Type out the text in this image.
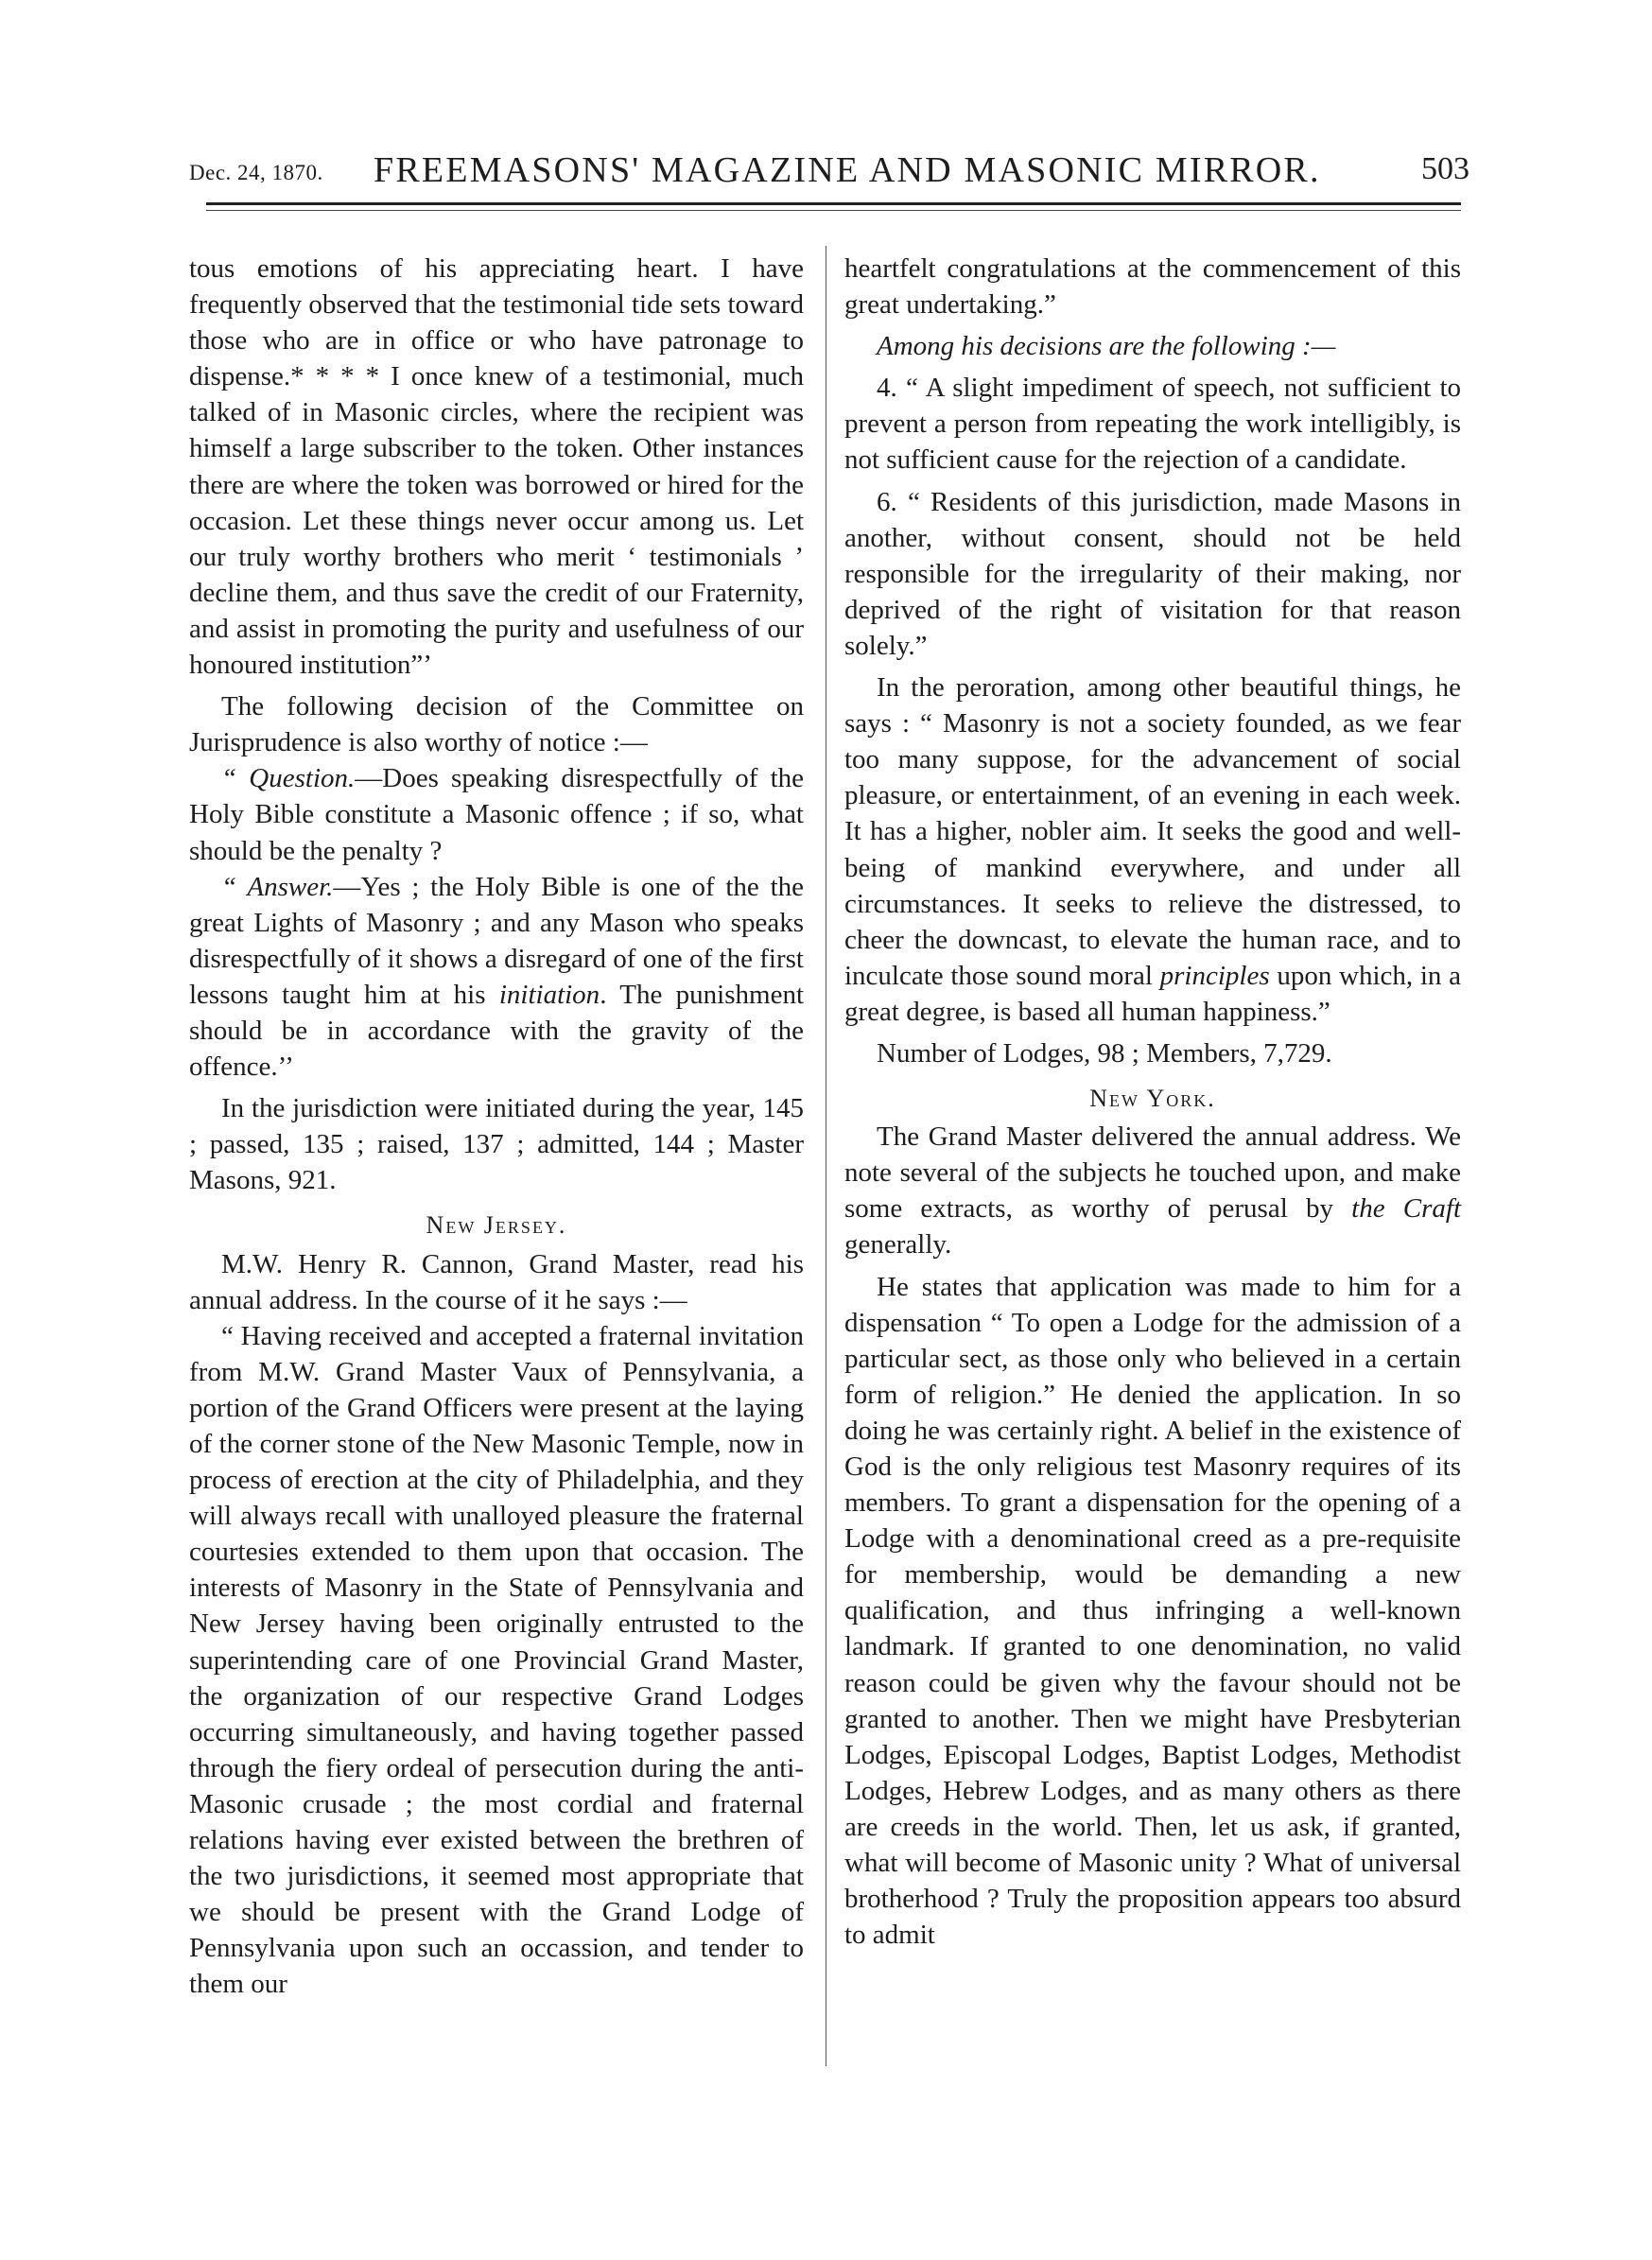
Dec. 24, 1870. FREEMASONS' MAGAZINE AND MASONIC MIRROR.	503

tous emotions of his appreciating heart. I have frequently observed that the testimonial tide sets toward those who are in office or who have patronage to dispense.* * * * I once knew of a testimonial, much talked of in Masonic circles, where the recipient was himself a large subscriber to the token. Other instances there are where the token was borrowed or hired for the occasion. Let these things never occur among us. Let our truly worthy brothers who merit ‘ testimonials ’ decline them, and thus save the credit of our Fraternity, and assist in promoting the purity and usefulness of our honoured institution”’

The following decision of the Committee on Jurisprudence is also worthy of notice :—

“ Question.—Does speaking disrespectfully of the Holy Bible constitute a Masonic offence ; if so, what should be the penalty ?

“ Answer.—Yes ; the Holy Bible is one of the the great Lights of Masonry ; and any Mason who speaks disrespectfully of it shows a disregard of one of the first lessons taught him at his initiation. The punishment should be in accordance with the gravity of the offence.’’

In the jurisdiction were initiated during the year, 145 ; passed, 135 ; raised, 137 ; admitted, 144 ; Master Masons, 921.

New Jersey.

M.W. Henry R. Cannon, Grand Master, read his annual address. In the course of it he says :—

“ Having received and accepted a fraternal invitation from M.W. Grand Master Vaux of Pennsylvania, a portion of the Grand Officers were present at the laying of the corner stone of the New Masonic Temple, now in process of erection at the city of Philadelphia, and they will always recall with unalloyed pleasure the fraternal courtesies extended to them upon that occasion. The interests of Masonry in the State of Pennsylvania and New Jersey having been originally entrusted to the superintending care of one Provincial Grand Master, the organization of our respective Grand Lodges occurring simultaneously, and having together passed through the fiery ordeal of persecution during the anti-Masonic crusade ; the most cordial and fraternal relations having ever existed between the brethren of the two jurisdictions, it seemed most appropriate that we should be present with the Grand Lodge of Pennsylvania upon such an occassion, and tender to them our

heartfelt congratulations at the commencement of this great undertaking.”

Among his decisions are the following :—

4. “ A slight impediment of speech, not sufficient to prevent a person from repeating the work intelligibly, is not sufficient cause for the rejection of a candidate.

6. “ Residents of this jurisdiction, made Masons in another, without consent, should not be held responsible for the irregularity of their making, nor deprived of the right of visitation for that reason solely.”

In the peroration, among other beautiful things, he says : “ Masonry is not a society founded, as we fear too many suppose, for the advancement of social pleasure, or entertainment, of an evening in each week. It has a higher, nobler aim. It seeks the good and well-being of mankind everywhere, and under all circumstances. It seeks to relieve the distressed, to cheer the downcast, to elevate the human race, and to inculcate those sound moral principles upon which, in a great degree, is based all human happiness.”

Number of Lodges, 98 ; Members, 7,729.

New York.

The Grand Master delivered the annual address. We note several of the subjects he touched upon, and make some extracts, as worthy of perusal by the Craft generally.

He states that application was made to him for a dispensation “ To open a Lodge for the admission of a particular sect, as those only who believed in a certain form of religion.” He denied the application. In so doing he was certainly right. A belief in the existence of God is the only religious test Masonry requires of its members. To grant a dispensation for the opening of a Lodge with a denominational creed as a pre-requisite for membership, would be demanding a new qualification, and thus infringing a well-known landmark. If granted to one denomination, no valid reason could be given why the favour should not be granted to another. Then we might have Presbyterian Lodges, Episcopal Lodges, Baptist Lodges, Methodist Lodges, Hebrew Lodges, and as many others as there are creeds in the world. Then, let us ask, if granted, what will become of Masonic unity ? What of universal brotherhood ? Truly the proposition appears too absurd to admit
